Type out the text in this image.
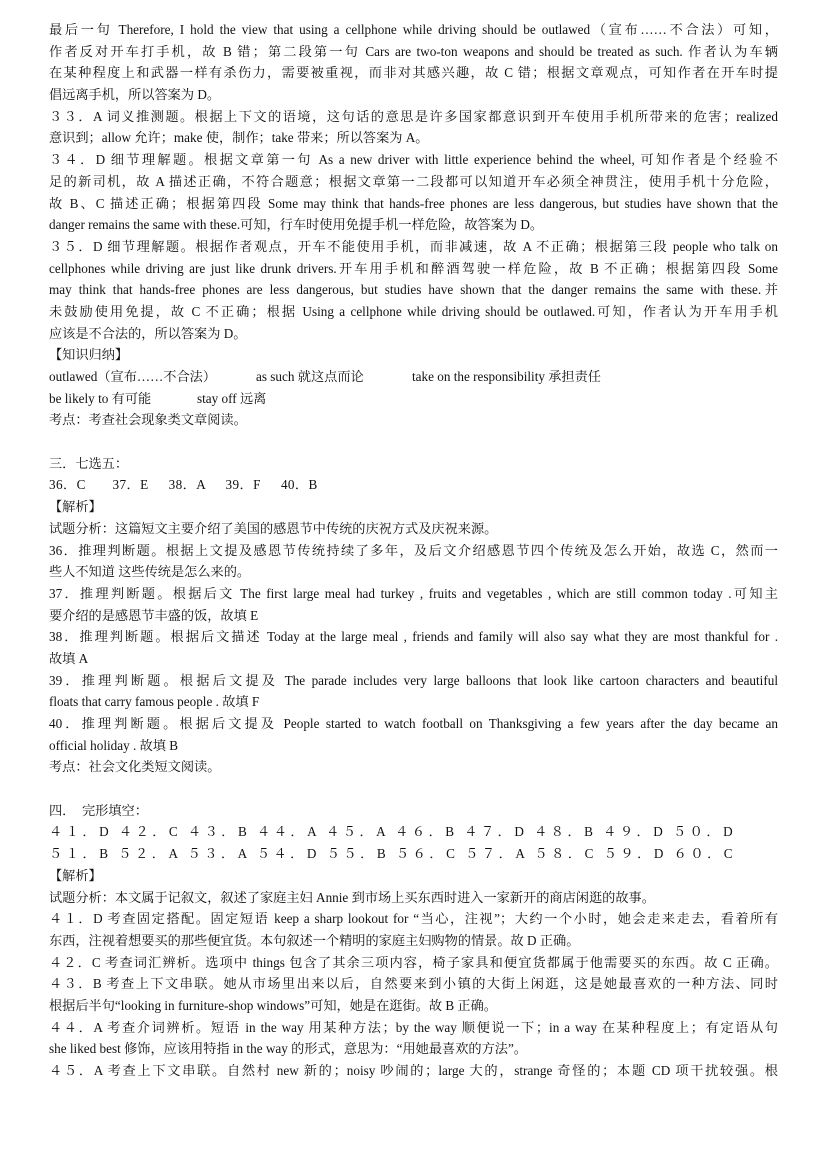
最后一句 Therefore, I hold the view that using a cellphone while driving should be outlawed（宣布……不合法）可知，
作者反对开车打手机，故 B 错；第二段第一句 Cars are two-ton weapons and should be treated as such. 作者认为车辆
在某种程度上和武器一样有杀伤力，需要被重视，而非对其感兴趣，故 C 错；根据文章观点，可知作者在开车时提
倡远离手机，所以答案为 D。
３３．A 词义推测题。根据上下文的语境，这句话的意思是许多国家都意识到开车使用手机所带来的危害；realized
意识到；allow 允许；make 使，制作；take 带来；所以答案为 A。
３４．D 细节理解题。根据文章第一句 As a new driver with little experience behind the wheel, 可知作者是个经验不
足的新司机，故 A 描述正确，不符合题意；根据文章第一二段都可以知道开车必须全神贯注，使用手机十分危险，
故 B、C 描述正确；根据第四段 Some may think that hands-free phones are less dangerous, but studies have shown that the
danger remains the same with these.可知，行车时使用免提手机一样危险，故答案为 D。
３５．D 细节理解题。根据作者观点，开车不能使用手机，而非减速，故 A 不正确；根据第三段 people who talk on
cellphones while driving are just like drunk drivers.开车用手机和醉酒驾驶一样危险，故 B 不正确；根据第四段 Some
may think that hands-free phones are less dangerous, but studies have shown that the danger remains the same with these.并
未鼓励使用免提，故 C 不正确；根据 Using a cellphone while driving should be outlawed.可知，作者认为开车用手机
应该是不合法的，所以答案为 D。
【知识归纳】
outlawed（宣布……不合法）	as such 就这点而论	take on the responsibility 承担责任
be likely to 有可能	stay off 远离
考点：考查社会现象类文章阅读。
三．七选五：
36．C    37．E   38．A   39．F   40．B
【解析】
试题分析：这篇短文主要介绍了美国的感恩节中传统的庆祝方式及庆祝来源。
36．推理判断题。根据上文提及感恩节传统持续了多年，及后文介绍感恩节四个传统及怎么开始，故选 C，然而一
些人不知道 这些传统是怎么来的。
37．推理判断题。根据后文 The first large meal had turkey , fruits and vegetables , which are still common today .可知主
要介绍的是感恩节丰盛的饭，故填 E
38．推理判断题。根据后文描述 Today at the large meal , friends and family will also say what they are most thankful for .
故填 A
39．推理判断题。根据后文提及 The parade includes very large balloons that look like cartoon characters and beautiful
floats that carry famous people . 故填 F
40．推理判断题。根据后文提及 People started to watch football on Thanksgiving a few years after the day became an
official holiday . 故填 B
考点：社会文化类短文阅读。
四．  完形填空：
４１．D ４２．C ４３．B ４４．A ４５．A ４６．B ４７．D ４８．B ４９．D ５０．D
５１．B ５２．A ５３．A ５４．D ５５．B ５６．C ５７．A ５８．C ５９．D ６０．C
【解析】
试题分析：本文属于记叙文，叙述了家庭主妇 Annie 到市场上买东西时进入一家新开的商店闲逛的故事。
４１．D 考查固定搭配。固定短语 keep a sharp lookout for “当心，注视”；大约一个小时，她会走来走去，看着所有
东西，注视着想要买的那些便宜货。本句叙述一个精明的家庭主妇购物的情景。故 D 正确。
４２．C 考查词汇辨析。选项中 things 包含了其余三项内容，椅子家具和便宜货都属于他需要买的东西。故 C 正确。
４３．B 考查上下文串联。她从市场里出来以后，自然要来到小镇的大街上闲逛，这是她最喜欢的一种方法、同时
根据后半句“looking in furniture-shop windows”可知，她是在逛街。故 B 正确。
４４．A 考查介词辨析。短语 in the way 用某种方法；by the way 顺便说一下；in a way 在某种程度上；有定语从句
she liked best 修饰，应该用特指 in the way 的形式，意思为：“用她最喜欢的方法”。
４５．A 考查上下文串联。自然村 new 新的；noisy 吵闹的；large 大的，strange 奇怪的；本题 CD 项干扰较强。根
